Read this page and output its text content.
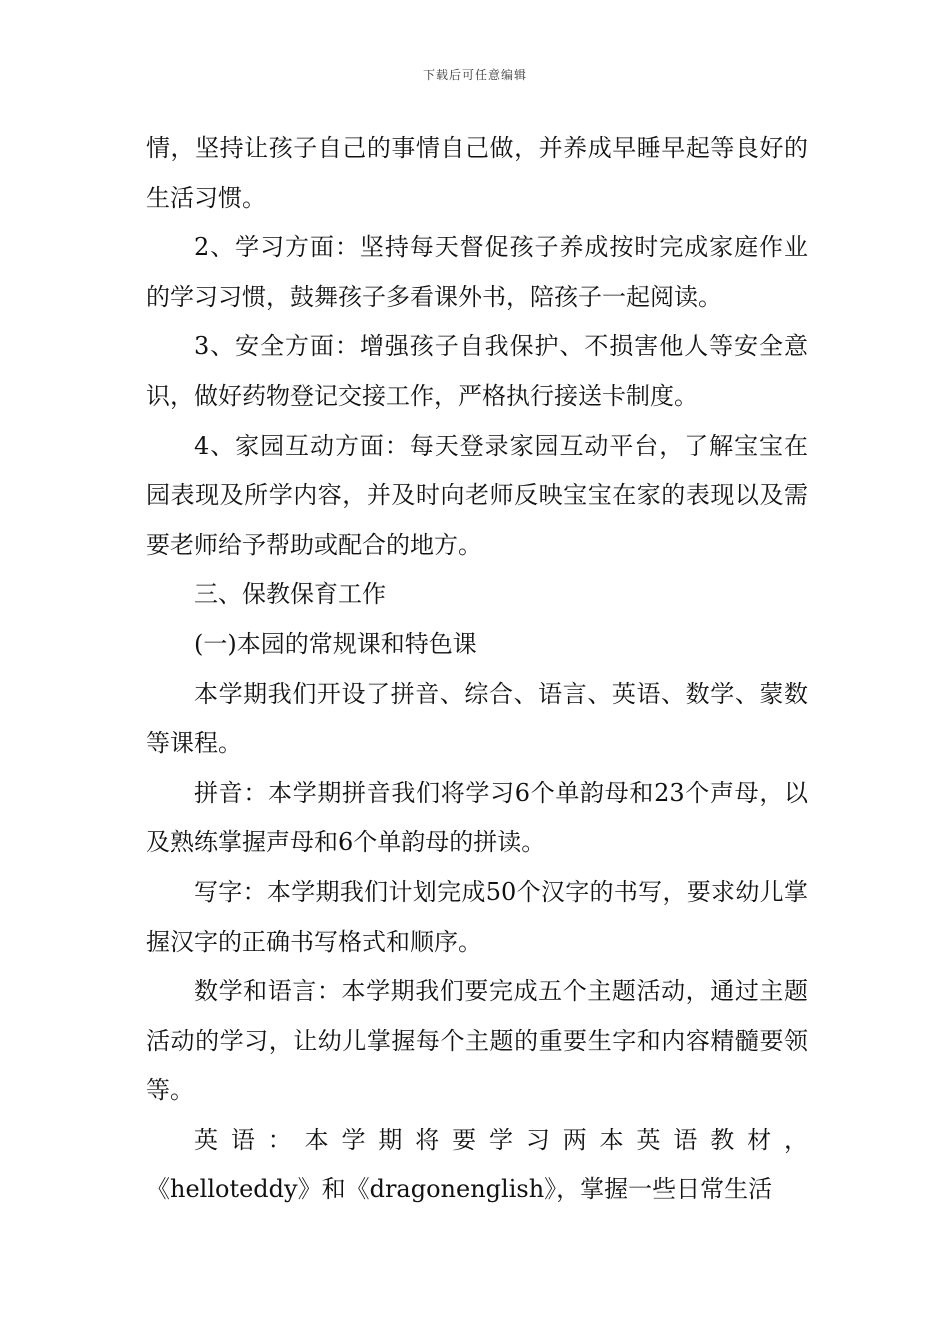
下载后可任意编辑

情，坚持让孩子自己的事情自己做，并养成早睡早起等良好的生活习惯。

2、学习方面：坚持每天督促孩子养成按时完成家庭作业的学习习惯，鼓舞孩子多看课外书，陪孩子一起阅读。

3、安全方面：增强孩子自我保护、不损害他人等安全意识，做好药物登记交接工作，严格执行接送卡制度。

4、家园互动方面：每天登录家园互动平台，了解宝宝在园表现及所学内容，并及时向老师反映宝宝在家的表现以及需要老师给予帮助或配合的地方。

三、保教保育工作

(一)本园的常规课和特色课

本学期我们开设了拼音、综合、语言、英语、数学、蒙数等课程。

拼音：本学期拼音我们将学习6个单韵母和23个声母，以及熟练掌握声母和6个单韵母的拼读。

写字：本学期我们计划完成50个汉字的书写，要求幼儿掌握汉字的正确书写格式和顺序。

数学和语言：本学期我们要完成五个主题活动，通过主题活动的学习，让幼儿掌握每个主题的重要生字和内容精髓要领等。

英语：本学期将要学习两本英语教材，

《helloteddy》和《dragonenglish》，掌握一些日常生活
